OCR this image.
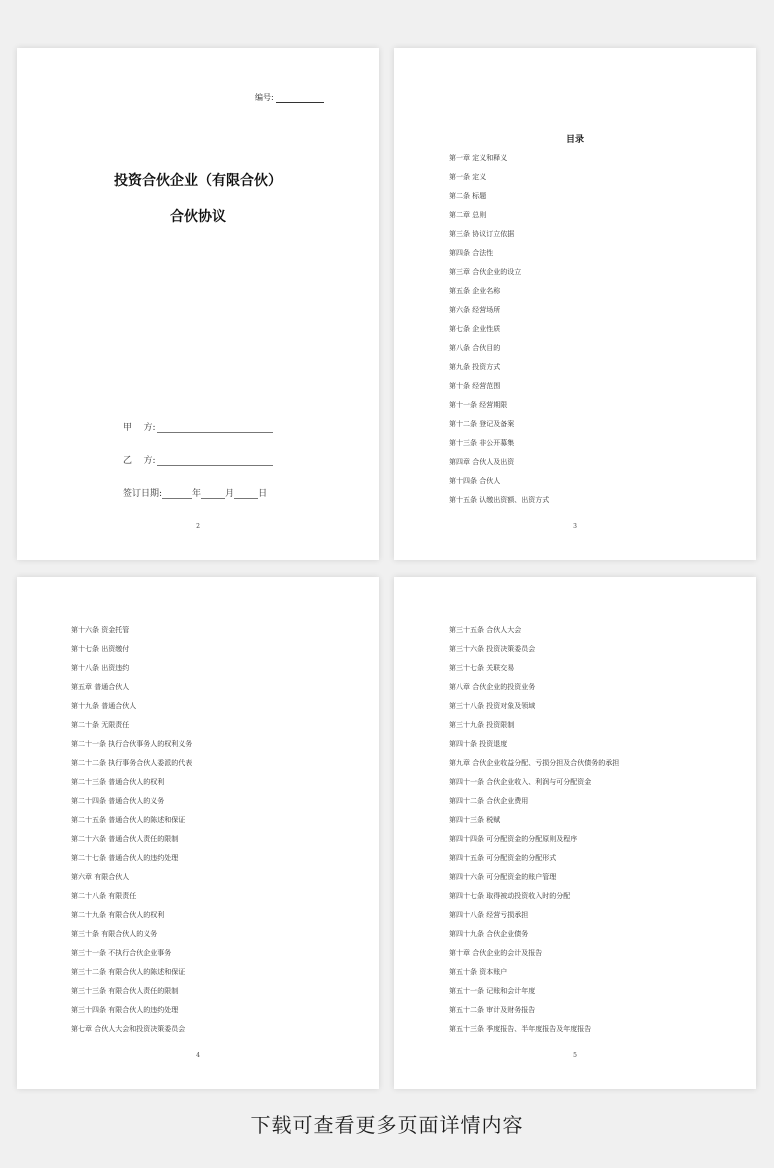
编号:
投资合伙企业（有限合伙）
合伙协议
甲    方:
乙    方:
签订日期:	年	月	日
2
目录
第一章 定义和释义
第一条 定义
第二条 标题
第二章 总则
第三条 协议订立依据
第四条 合法性
第三章 合伙企业的设立
第五条 企业名称
第六条 经营场所
第七条 企业性质
第八条 合伙目的
第九条 投资方式
第十条 经营范围
第十一条 经营期限
第十二条 登记及备案
第十三条 非公开募集
第四章 合伙人及出资
第十四条 合伙人
第十五条 认缴出资额、出资方式
3
第十六条 资金托管
第十七条 出资缴付
第十八条 出资违约
第五章 普通合伙人
第十九条 普通合伙人
第二十条 无限责任
第二十一条 执行合伙事务人的权利义务
第二十二条 执行事务合伙人委派的代表
第二十三条 普通合伙人的权利
第二十四条 普通合伙人的义务
第二十五条 普通合伙人的陈述和保证
第二十六条 普通合伙人责任的限制
第二十七条 普通合伙人的违约处理
第六章 有限合伙人
第二十八条 有限责任
第二十九条 有限合伙人的权利
第三十条 有限合伙人的义务
第三十一条 不执行合伙企业事务
第三十二条 有限合伙人的陈述和保证
第三十三条 有限合伙人责任的限制
第三十四条 有限合伙人的违约处理
第七章 合伙人大会和投资决策委员会
4
第三十五条 合伙人大会
第三十六条 投资决策委员会
第三十七条 关联交易
第八章 合伙企业的投资业务
第三十八条 投资对象及领域
第三十九条 投资限制
第四十条 投资退度
第九章 合伙企业收益分配、亏损分担及合伙债务的承担
第四十一条 合伙企业收入、利润与可分配资金
第四十二条 合伙企业费用
第四十三条 税赋
第四十四条 可分配资金的分配原则及程序
第四十五条 可分配资金的分配形式
第四十六条 可分配资金的账户管理
第四十七条 取得被动投资收入时的分配
第四十八条 经营亏损承担
第四十九条 合伙企业债务
第十章 合伙企业的会计及报告
第五十条 资本账户
第五十一条 记账和会计年度
第五十二条 审计及财务报告
第五十三条 季度报告、半年度报告及年度报告
5
下载可查看更多页面详情内容
